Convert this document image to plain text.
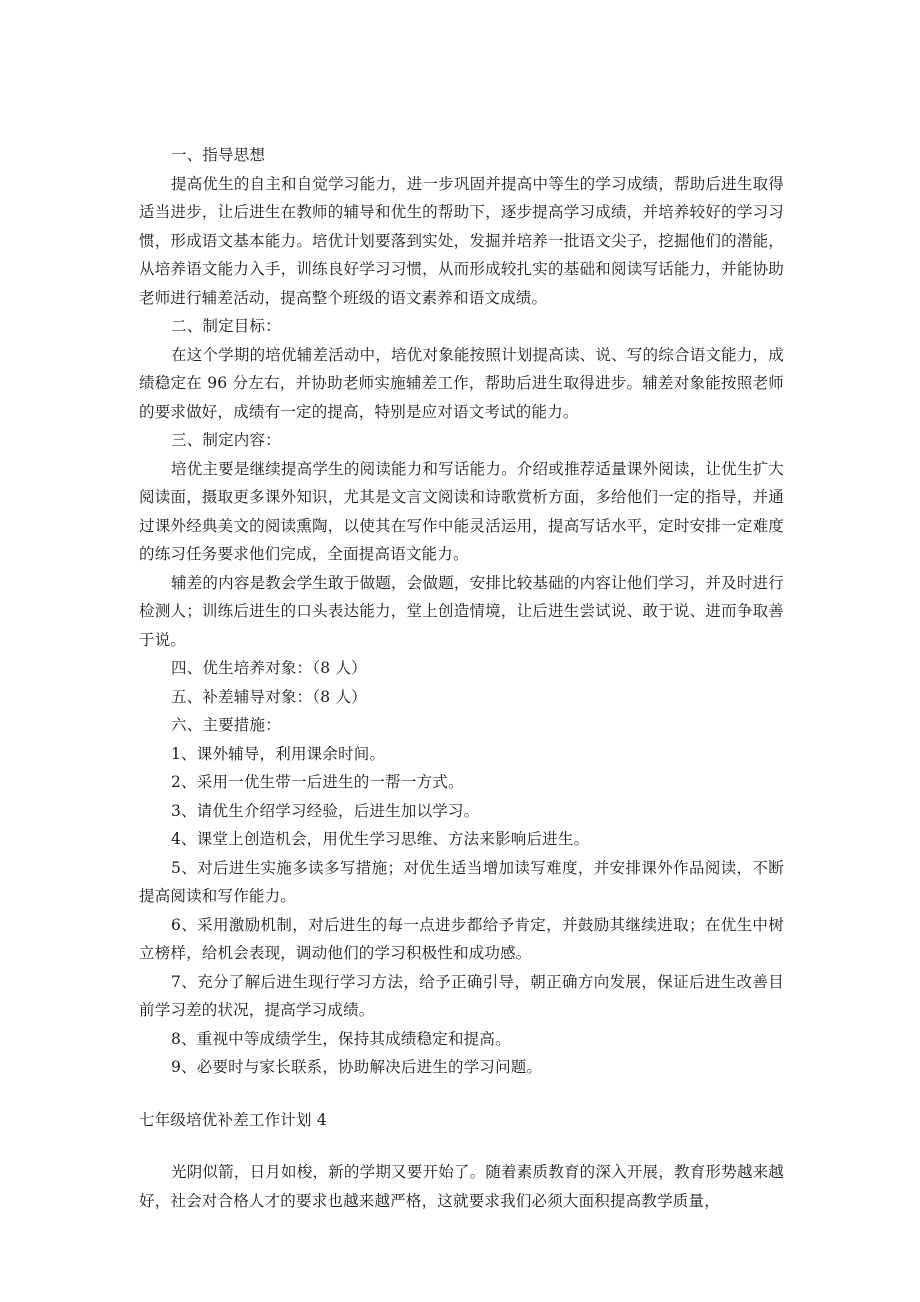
一、指导思想

提高优生的自主和自觉学习能力，进一步巩固并提高中等生的学习成绩，帮助后进生取得适当进步，让后进生在教师的辅导和优生的帮助下，逐步提高学习成绩，并培养较好的学习习惯，形成语文基本能力。培优计划要落到实处，发掘并培养一批语文尖子，挖掘他们的潜能，从培养语文能力入手，训练良好学习习惯，从而形成较扎实的基础和阅读写话能力，并能协助老师进行辅差活动，提高整个班级的语文素养和语文成绩。

二、制定目标：

在这个学期的培优辅差活动中，培优对象能按照计划提高读、说、写的综合语文能力，成绩稳定在 96 分左右，并协助老师实施辅差工作，帮助后进生取得进步。辅差对象能按照老师的要求做好，成绩有一定的提高，特别是应对语文考试的能力。

三、制定内容：

培优主要是继续提高学生的阅读能力和写话能力。介绍或推荐适量课外阅读，让优生扩大阅读面，摄取更多课外知识，尤其是文言文阅读和诗歌赏析方面，多给他们一定的指导，并通过课外经典美文的阅读熏陶，以使其在写作中能灵活运用，提高写话水平，定时安排一定难度的练习任务要求他们完成，全面提高语文能力。

辅差的内容是教会学生敢于做题，会做题，安排比较基础的内容让他们学习，并及时进行检测人；训练后进生的口头表达能力，堂上创造情境，让后进生尝试说、敢于说、进而争取善于说。

四、优生培养对象：（8 人）

五、补差辅导对象：（8 人）

六、主要措施：

1、课外辅导，利用课余时间。

2、采用一优生带一后进生的一帮一方式。

3、请优生介绍学习经验，后进生加以学习。

4、课堂上创造机会，用优生学习思维、方法来影响后进生。

5、对后进生实施多读多写措施；对优生适当增加读写难度，并安排课外作品阅读，不断提高阅读和写作能力。

6、采用激励机制，对后进生的每一点进步都给予肯定，并鼓励其继续进取；在优生中树立榜样，给机会表现，调动他们的学习积极性和成功感。

7、充分了解后进生现行学习方法，给予正确引导，朝正确方向发展，保证后进生改善目前学习差的状况，提高学习成绩。

8、重视中等成绩学生，保持其成绩稳定和提高。

9、必要时与家长联系，协助解决后进生的学习问题。

七年级培优补差工作计划 4

光阴似箭，日月如梭，新的学期又要开始了。随着素质教育的深入开展，教育形势越来越好，社会对合格人才的要求也越来越严格，这就要求我们必须大面积提高教学质量，
